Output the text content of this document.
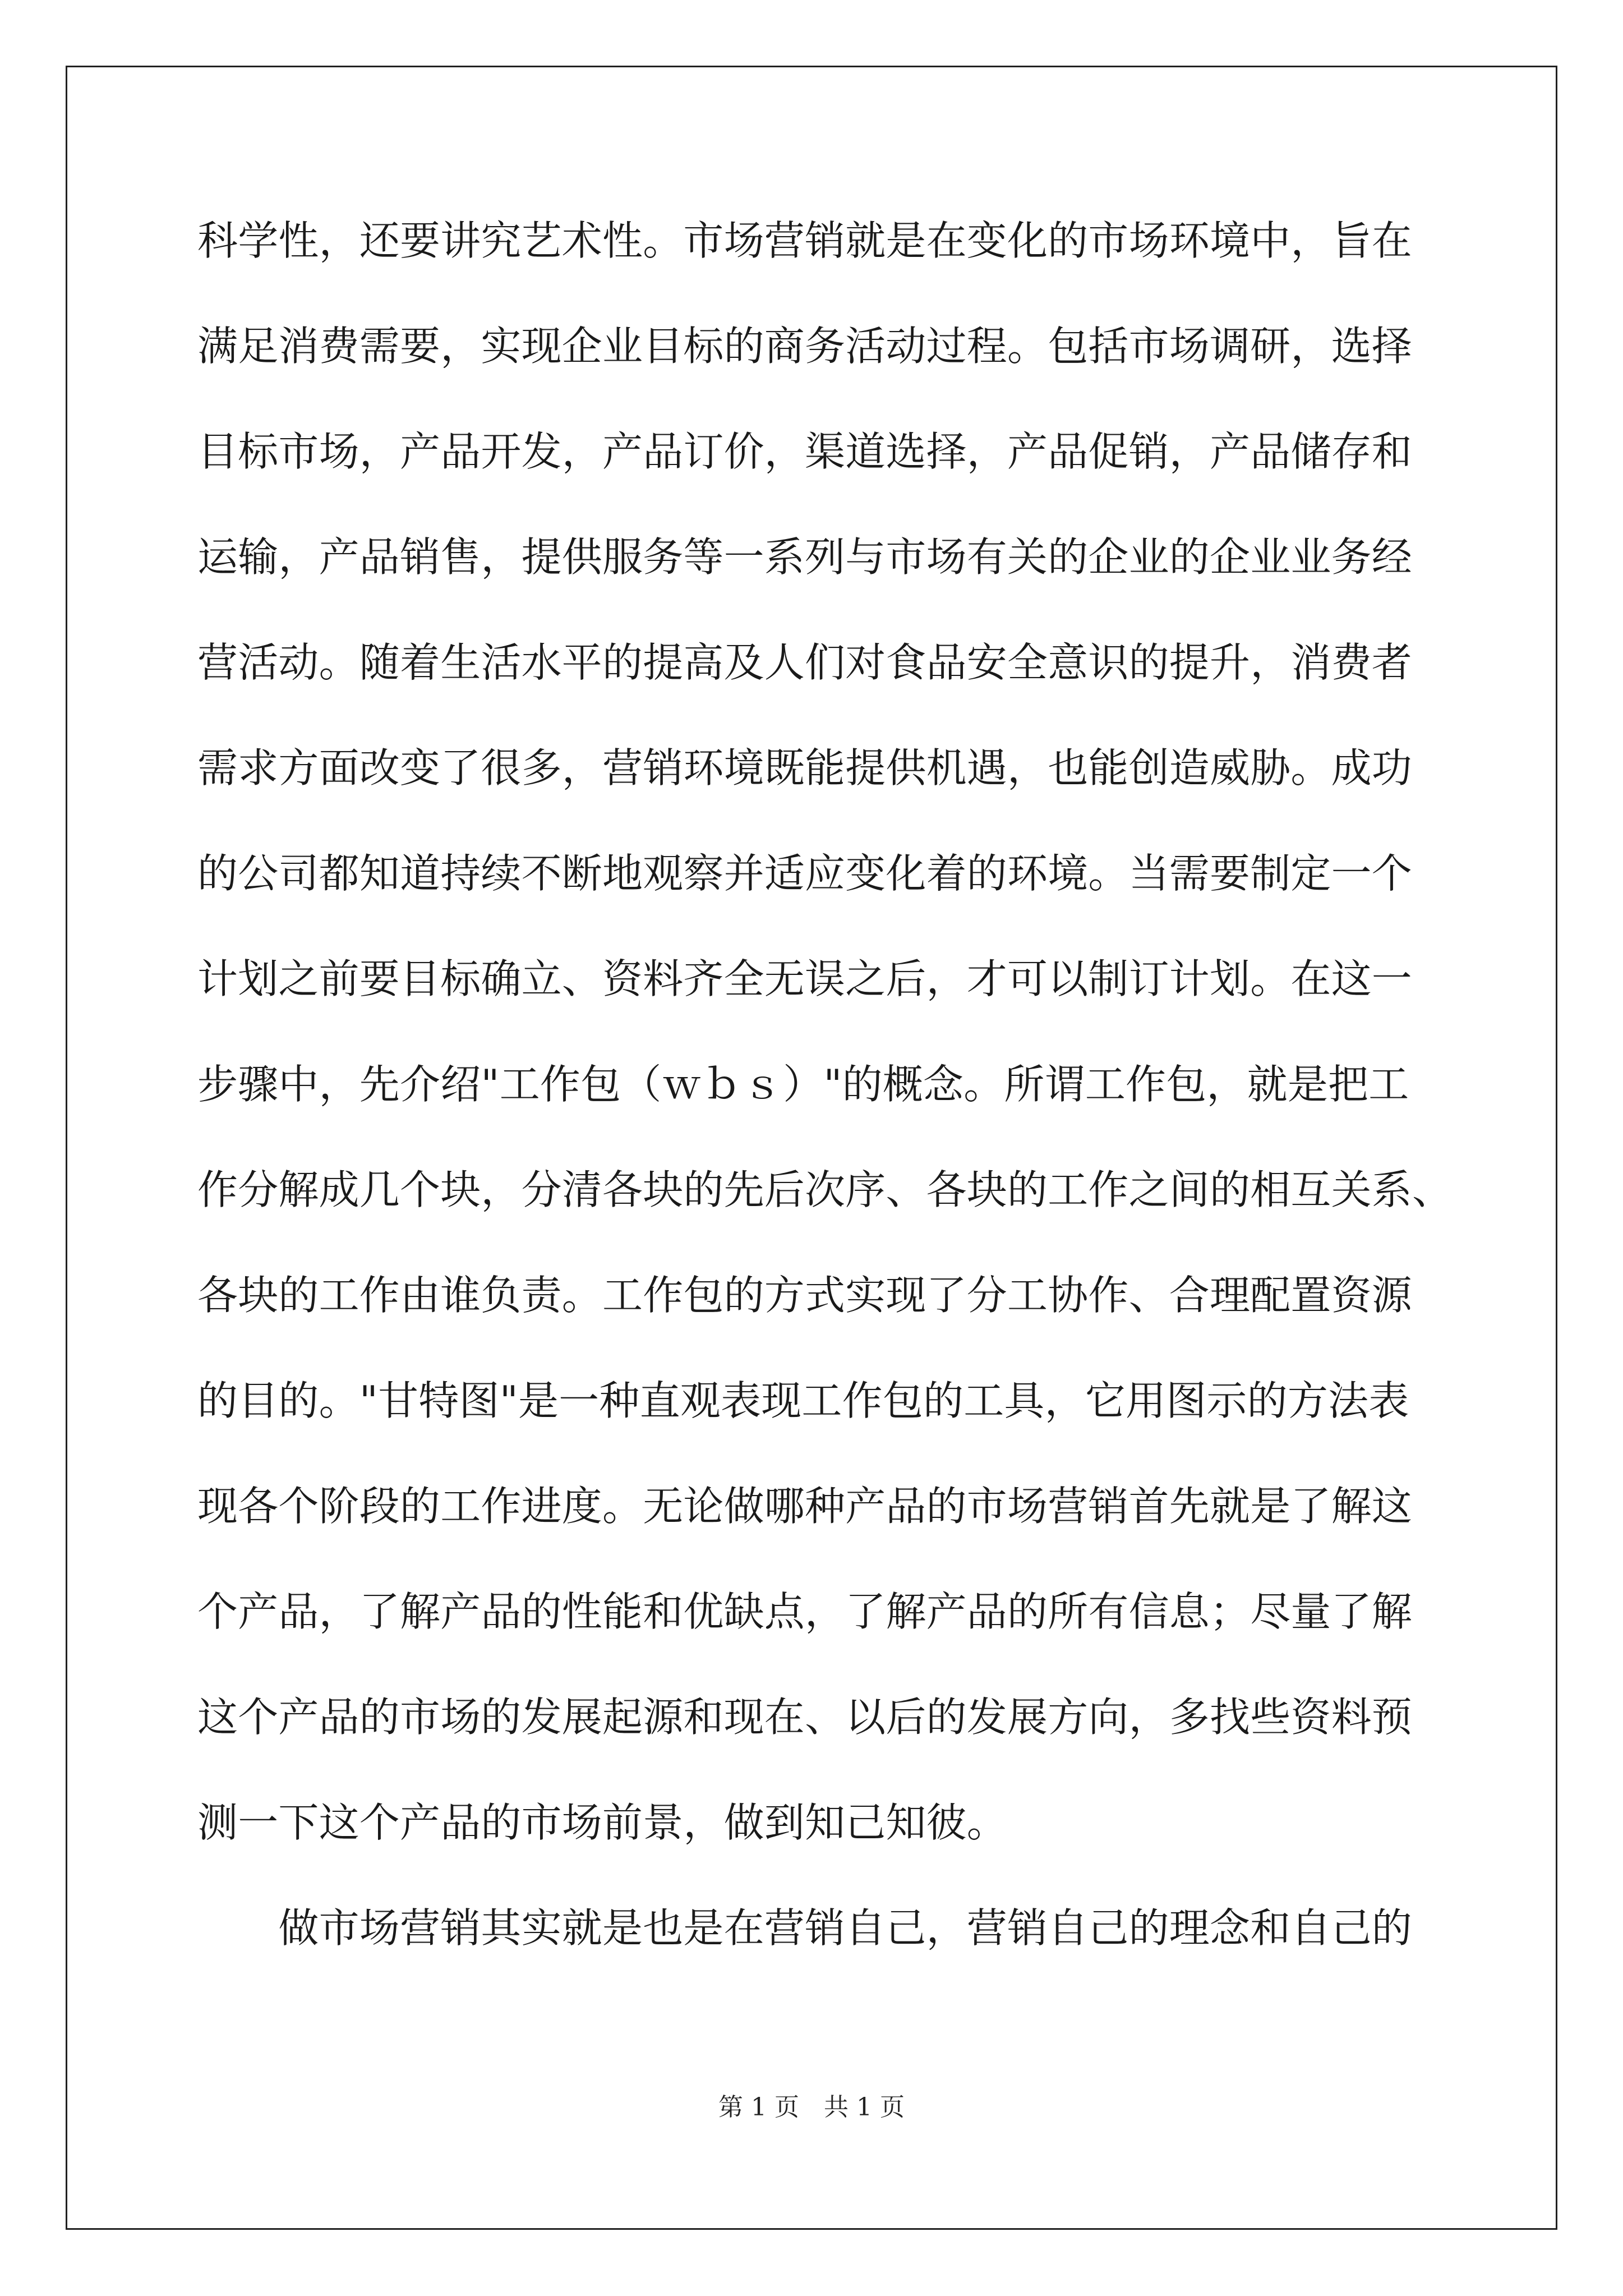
科学性，还要讲究艺术性。市场营销就是在变化的市场环境中，旨在
满足消费需要，实现企业目标的商务活动过程。包括市场调研，选择
目标市场，产品开发，产品订价，渠道选择，产品促销，产品储存和
运输，产品销售，提供服务等一系列与市场有关的企业的企业业务经
营活动。随着生活水平的提高及人们对食品安全意识的提升，消费者
需求方面改变了很多，营销环境既能提供机遇，也能创造威胁。成功
的公司都知道持续不断地观察并适应变化着的环境。当需要制定一个
计划之前要目标确立、资料齐全无误之后，才可以制订计划。在这一
步骤中，先介绍"工作包（ｗｂｓ）"的概念。所谓工作包，就是把工
作分解成几个块，分清各块的先后次序、各块的工作之间的相互关系、
各块的工作由谁负责。工作包的方式实现了分工协作、合理配置资源
的目的。"甘特图"是一种直观表现工作包的工具，它用图示的方法表
现各个阶段的工作进度。无论做哪种产品的市场营销首先就是了解这
个产品，了解产品的性能和优缺点，了解产品的所有信息；尽量了解
这个产品的市场的发展起源和现在、以后的发展方向，多找些资料预
测一下这个产品的市场前景，做到知己知彼。
　　做市场营销其实就是也是在营销自己，营销自己的理念和自己的
第 1 页　共 1 页
